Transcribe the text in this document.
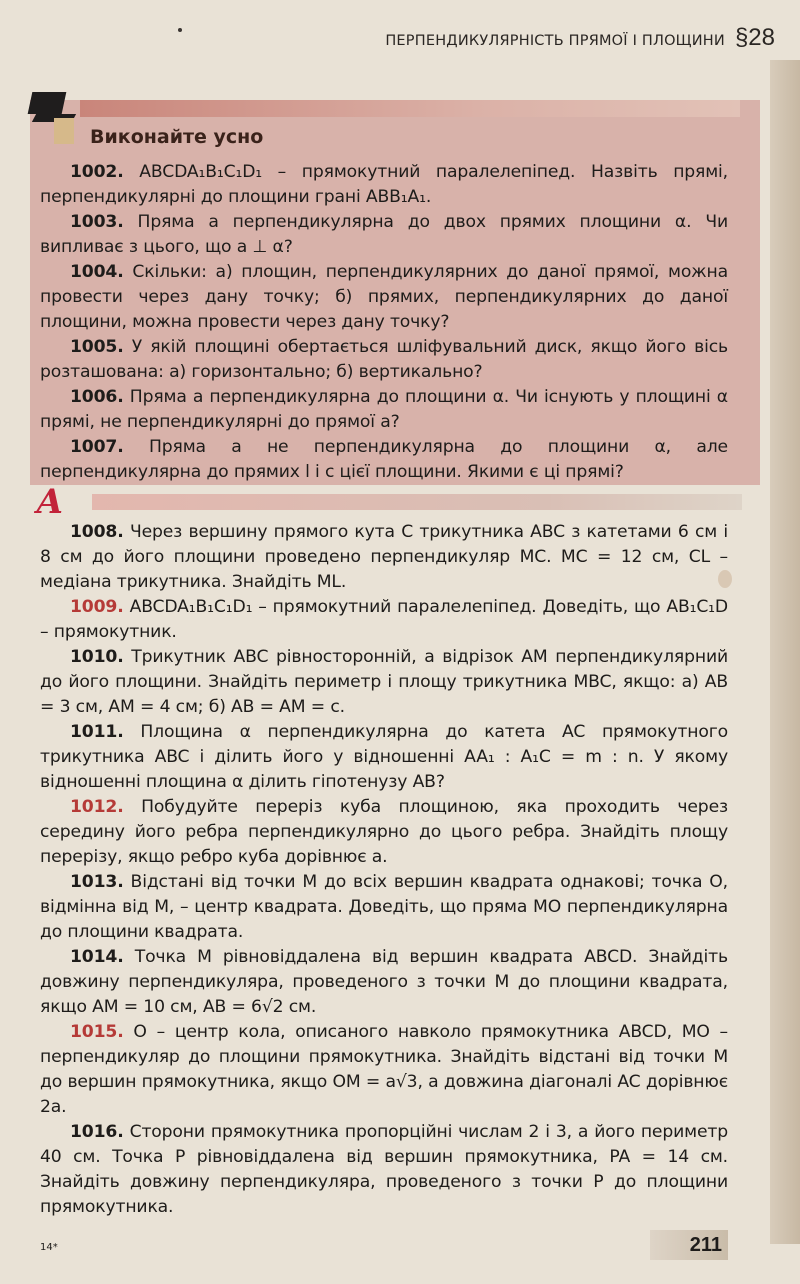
ПЕРПЕНДИКУЛЯРНІСТЬ ПРЯМОЇ І ПЛОЩИНИ §28
Виконайте усно
1002. ABCDA₁B₁C₁D₁ – прямокутний паралелепіпед. Назвіть прямі, перпендикулярні до площини грані ABB₁A₁.
1003. Пряма a перпендикулярна до двох прямих площини α. Чи випливає з цього, що a ⊥ α?
1004. Скільки: а) площин, перпендикулярних до даної прямої, можна провести через дану точку; б) прямих, перпендикулярних до даної площини, можна провести через дану точку?
1005. У якій площині обертається шліфувальний диск, якщо його вісь розташована: а) горизонтально; б) вертикально?
1006. Пряма a перпендикулярна до площини α. Чи існують у площині α прямі, не перпендикулярні до прямої a?
1007. Пряма a не перпендикулярна до площини α, але перпендикулярна до прямих l і c цієї площини. Якими є ці прямі?
А
1008. Через вершину прямого кута C трикутника ABC з катетами 6 см і 8 см до його площини проведено перпендикуляр MC. MC = 12 см, CL – медіана трикутника. Знайдіть ML.
1009. ABCDA₁B₁C₁D₁ – прямокутний паралелепіпед. Доведіть, що AB₁C₁D – прямокутник.
1010. Трикутник ABC рівносторонній, а відрізок AM перпендикулярний до його площини. Знайдіть периметр і площу трикутника MBC, якщо: а) AB = 3 см, AM = 4 см; б) AB = AM = c.
1011. Площина α перпендикулярна до катета AC прямокутного трикутника ABC і ділить його у відношенні AA₁ : A₁C = m : n. У якому відношенні площина α ділить гіпотенузу AB?
1012. Побудуйте переріз куба площиною, яка проходить через середину його ребра перпендикулярно до цього ребра. Знайдіть площу перерізу, якщо ребро куба дорівнює a.
1013. Відстані від точки M до всіх вершин квадрата однакові; точка O, відмінна від M, – центр квадрата. Доведіть, що пряма MO перпендикулярна до площини квадрата.
1014. Точка M рівновіддалена від вершин квадрата ABCD. Знайдіть довжину перпендикуляра, проведеного з точки M до площини квадрата, якщо AM = 10 см, AB = 6√2 см.
1015. O – центр кола, описаного навколо прямокутника ABCD, MO – перпендикуляр до площини прямокутника. Знайдіть відстані від точки M до вершин прямокутника, якщо OM = a√3, а довжина діагоналі AC дорівнює 2a.
1016. Сторони прямокутника пропорційні числам 2 і 3, а його периметр 40 см. Точка P рівновіддалена від вершин прямокутника, PA = 14 см. Знайдіть довжину перпендикуляра, проведеного з точки P до площини прямокутника.
14*	211
